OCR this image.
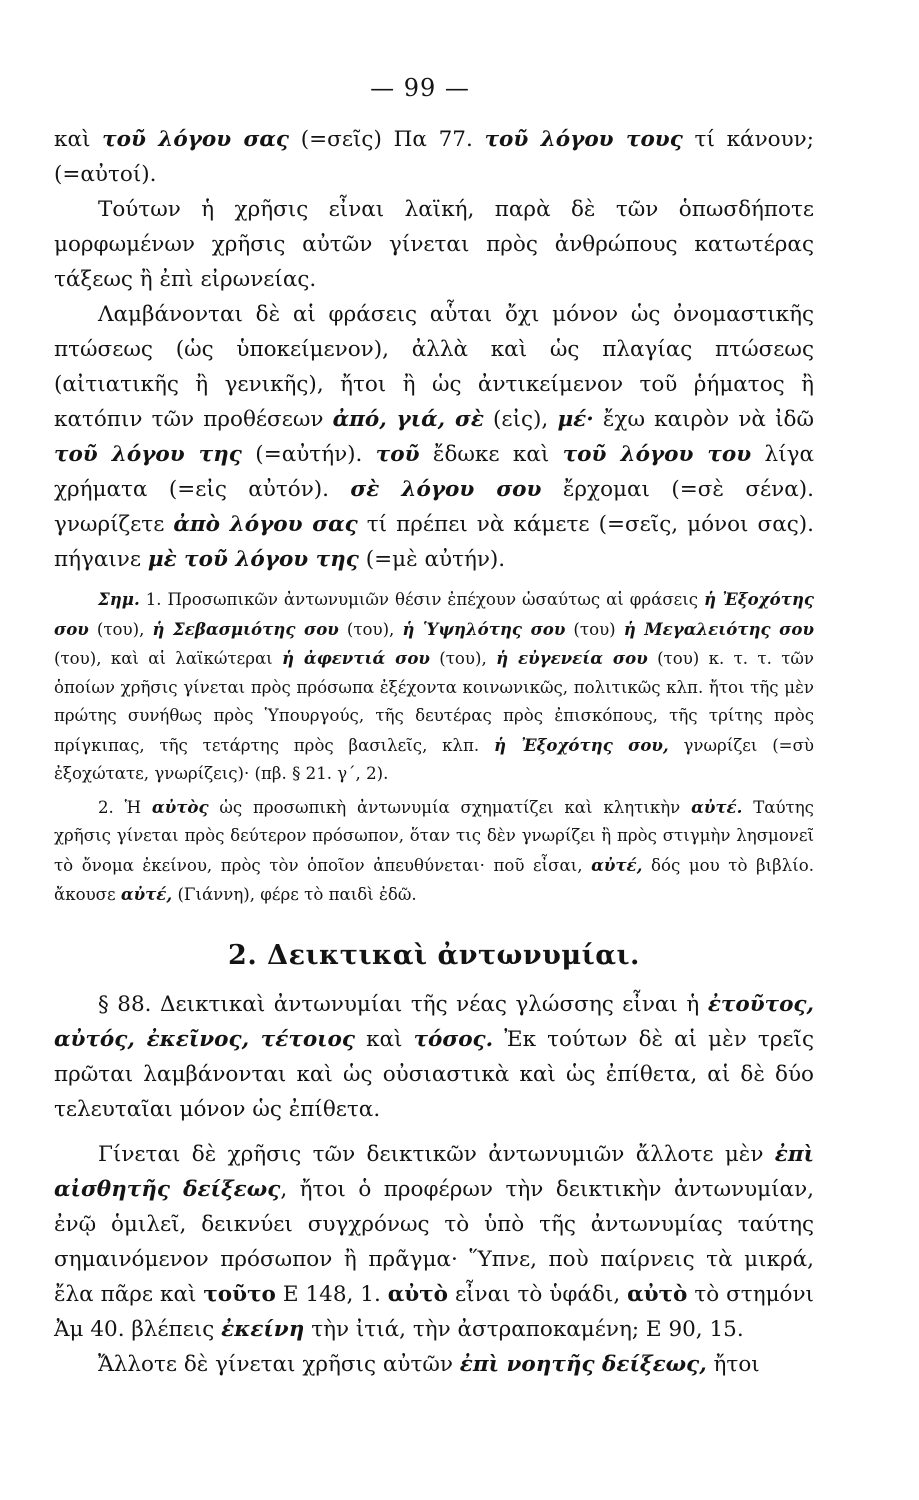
— 99 —

καὶ τοῦ λόγου σας (=σεῖς) Πα 77. τοῦ λόγου τους τί κάνουν; (=αὐτοί).

Τούτων ἡ χρῆσις εἶναι λαϊκή, παρὰ δὲ τῶν ὁπωσδήποτε μορφωμένων χρῆσις αὐτῶν γίνεται πρὸς ἀνθρώπους κατωτέρας τάξεως ἢ ἐπὶ εἰρωνείας.

Λαμβάνονται δὲ αἱ φράσεις αὗται ὄχι μόνον ὡς ὀνομαστικῆς πτώσεως (ὡς ὑποκείμενον), ἀλλὰ καὶ ὡς πλαγίας πτώσεως (αἰτιατικῆς ἢ γενικῆς), ἤτοι ἢ ὡς ἀντικείμενον τοῦ ῥήματος ἢ κατόπιν τῶν προθέσεων ἀπό, γιά, σὲ (εἰς), μέ· ἔχω καιρὸν νὰ ἰδῶ τοῦ λόγου της (=αὐτήν). τοῦ ἔδωκε καὶ τοῦ λόγου του λίγα χρήματα (=εἰς αὐτόν). σὲ λόγου σου ἔρχομαι (=σὲ σένα). γνωρίζετε ἀπὸ λόγου σας τί πρέπει νὰ κάμετε (=σεῖς, μόνοι σας). πήγαινε μὲ τοῦ λόγου της (=μὲ αὐτήν).

Σημ. 1. Προσωπικῶν ἀντωνυμιῶν θέσιν ἐπέχουν ὡσαύτως αἱ φράσεις ἡ Ἐξοχότης σου (του), ἡ Σεβασμιότης σου (του), ἡ Ὑψηλότης σου (του) ἡ Μεγαλειότης σου (του), καὶ αἱ λαϊκώτεραι ἡ ἀφεντιά σου (του), ἡ εὐγενεία σου (του) κ. τ. τ. τῶν ὁποίων χρῆσις γίνεται πρὸς πρόσωπα ἐξέχοντα κοινωνικῶς, πολιτικῶς κλπ. ἤτοι τῆς μὲν πρώτης συνήθως πρὸς Ὑπουργούς, τῆς δευτέρας πρὸς ἐπισκόπους, τῆς τρίτης πρὸς πρίγκιπας, τῆς τετάρτης πρὸς βασιλεῖς, κλπ. ἡ Ἐξοχότης σου, γνωρίζει (=σὺ ἐξοχώτατε, γνωρίζεις)· (πβ. § 21. γ΄, 2).

2. Ἡ αὐτὸς ὡς προσωπικὴ ἀντωνυμία σχηματίζει καὶ κλητικὴν αὐτέ. Ταύτης χρῆσις γίνεται πρὸς δεύτερον πρόσωπον, ὅταν τις δὲν γνωρίζει ἢ πρὸς στιγμὴν λησμονεῖ τὸ ὄνομα ἐκείνου, πρὸς τὸν ὁποῖον ἀπευθύνεται· ποῦ εἶσαι, αὐτέ, δός μου τὸ βιβλίο. ἄκουσε αὐτέ, (Γιάννη), φέρε τὸ παιδὶ ἐδῶ.

2. Δεικτικαὶ ἀντωνυμίαι.

§ 88. Δεικτικαὶ ἀντωνυμίαι τῆς νέας γλώσσης εἶναι ἡ ἐτοῦτος, αὐτός, ἐκεῖνος, τέτοιος καὶ τόσος. Ἐκ τούτων δὲ αἱ μὲν τρεῖς πρῶται λαμβάνονται καὶ ὡς οὐσιαστικὰ καὶ ὡς ἐπίθετα, αἱ δὲ δύο τελευταῖαι μόνον ὡς ἐπίθετα.

Γίνεται δὲ χρῆσις τῶν δεικτικῶν ἀντωνυμιῶν ἄλλοτε μὲν ἐπὶ αἰσθητῆς δείξεως, ἤτοι ὁ προφέρων τὴν δεικτικὴν ἀντωνυμίαν, ἐνῷ ὁμιλεῖ, δεικνύει συγχρόνως τὸ ὑπὸ τῆς ἀντωνυμίας ταύτης σημαινόμενον πρόσωπον ἢ πρᾶγμα· Ὕπνε, ποὺ παίρνεις τὰ μικρά, ἔλα πᾶρε καὶ τοῦτο Ε 148, 1. αὐτὸ εἶναι τὸ ὑφάδι, αὐτὸ τὸ στημόνι Ἀμ 40. βλέπεις ἐκείνη τὴν ἰτιά, τὴν ἀστραποκαμένη; Ε 90, 15.

Ἄλλοτε δὲ γίνεται χρῆσις αὐτῶν ἐπὶ νοητῆς δείξεως, ἤτοι
